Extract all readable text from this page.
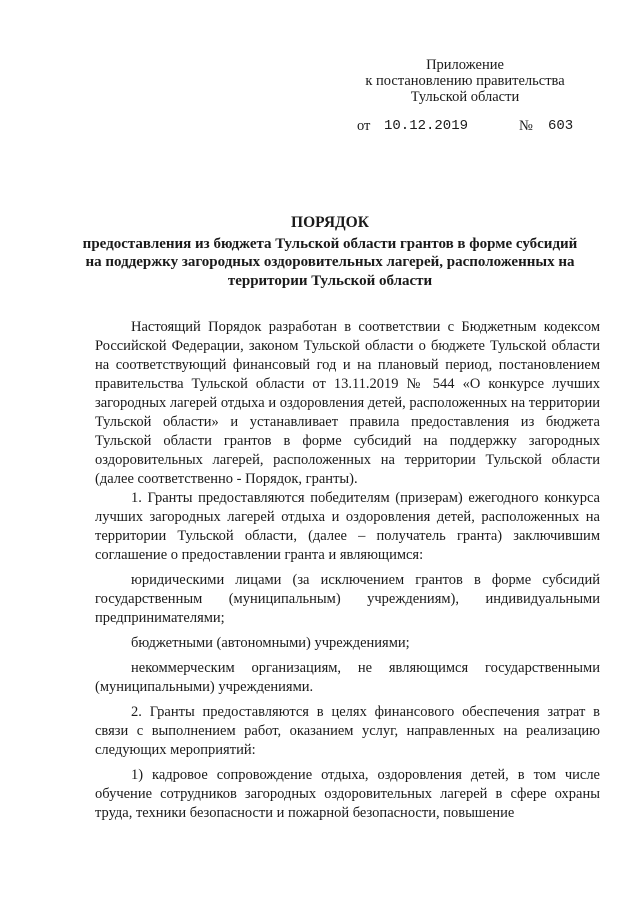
Приложение
к постановлению правительства
Тульской области
от 10.12.2019	№ 603
ПОРЯДОК
предоставления из бюджета Тульской области грантов в форме субсидий
на поддержку загородных оздоровительных лагерей, расположенных на
территории Тульской области

Настоящий Порядок разработан в соответствии с Бюджетным кодексом Российской Федерации, законом Тульской области о бюджете Тульской области на соответствующий финансовый год и на плановый период, постановлением правительства Тульской области от 13.11.2019 № 544 «О конкурсе лучших загородных лагерей отдыха и оздоровления детей, расположенных на территории Тульской области» и устанавливает правила предоставления из бюджета Тульской области грантов в форме субсидий на поддержку загородных оздоровительных лагерей, расположенных на территории Тульской области (далее соответственно - Порядок, гранты).

1. Гранты предоставляются победителям (призерам) ежегодного конкурса лучших загородных лагерей отдыха и оздоровления детей, расположенных на территории Тульской области, (далее – получатель гранта) заключившим соглашение о предоставлении гранта и являющимся:

юридическими лицами (за исключением грантов в форме субсидий государственным (муниципальным) учреждениям), индивидуальными предпринимателями;

бюджетными (автономными) учреждениями;

некоммерческим организациям, не являющимся государственными (муниципальными) учреждениями.

2. Гранты предоставляются в целях финансового обеспечения затрат в связи с выполнением работ, оказанием услуг, направленных на реализацию следующих мероприятий:

1) кадровое сопровождение отдыха, оздоровления детей, в том числе обучение сотрудников загородных оздоровительных лагерей в сфере охраны труда, техники безопасности и пожарной безопасности, повышение
